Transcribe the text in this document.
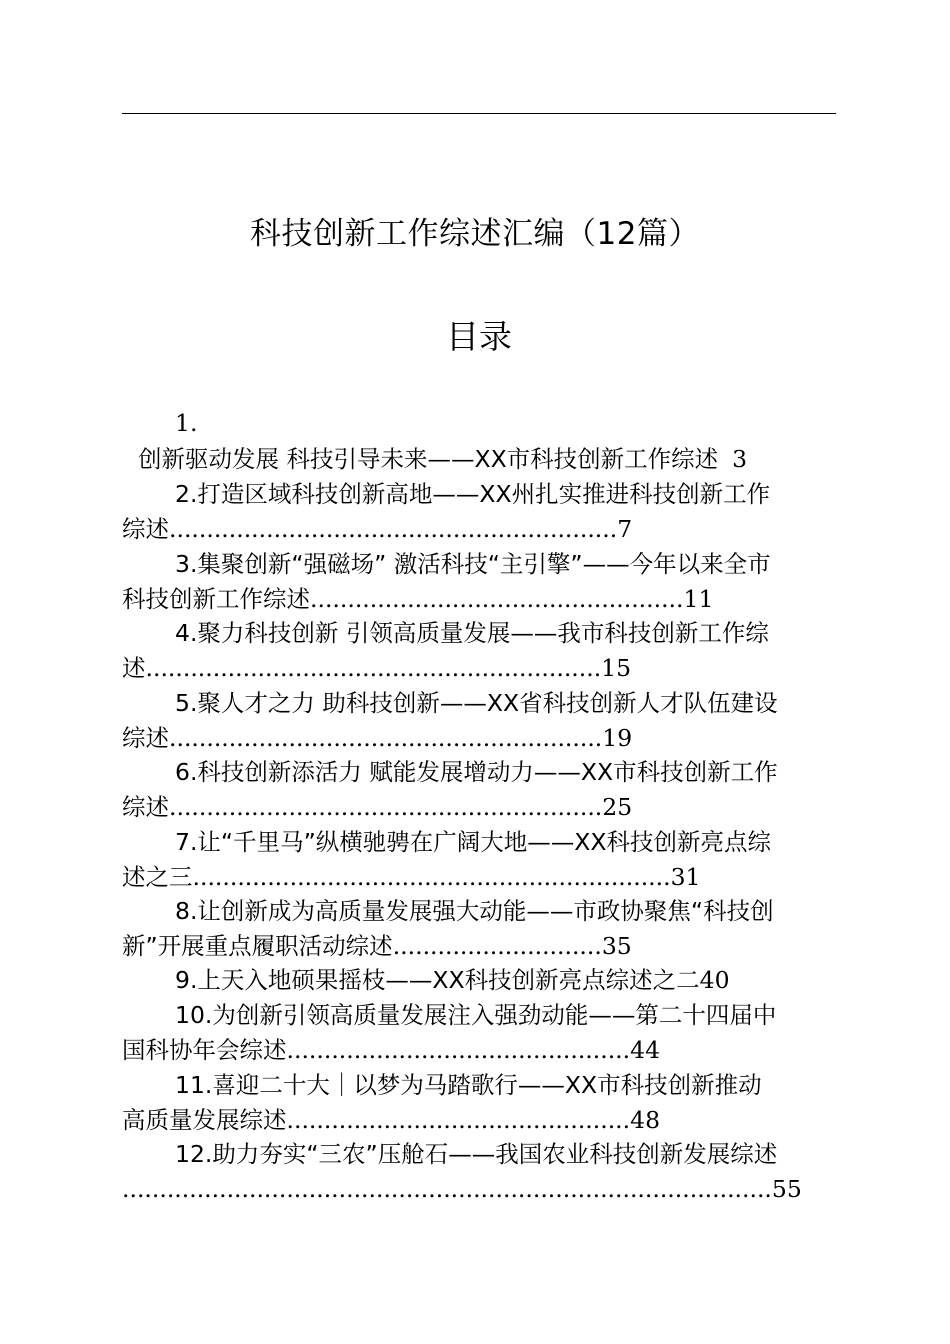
科技创新工作综述汇编（12篇）
目录
1.
创新驱动发展 科技引导未来——XX市科技创新工作综述 3
2.打造区域科技创新高地——XX州扎实推进科技创新工作
综述............................................................7
3.集聚创新“强磁场” 激活科技“主引擎”——今年以来全市
科技创新工作综述..................................................11
4.聚力科技创新 引领高质量发展——我市科技创新工作综
述.............................................................15
5.聚人才之力 助科技创新——XX省科技创新人才队伍建设
综述..........................................................19
6.科技创新添活力 赋能发展增动力——XX市科技创新工作
综述..........................................................25
7.让“千里马”纵横驰骋在广阔大地——XX科技创新亮点综
述之三................................................................31
8.让创新成为高质量发展强大动能——市政协聚焦“科技创
新”开展重点履职活动综述............................35
9.上天入地硕果摇枝——XX科技创新亮点综述之二40
10.为创新引领高质量发展注入强劲动能——第二十四届中
国科协年会综述..............................................44
11.喜迎二十大｜以梦为马踏歌行——XX市科技创新推动
高质量发展综述..............................................48
12.助力夯实“三农”压舱石——我国农业科技创新发展综述
.......................................................................................55
